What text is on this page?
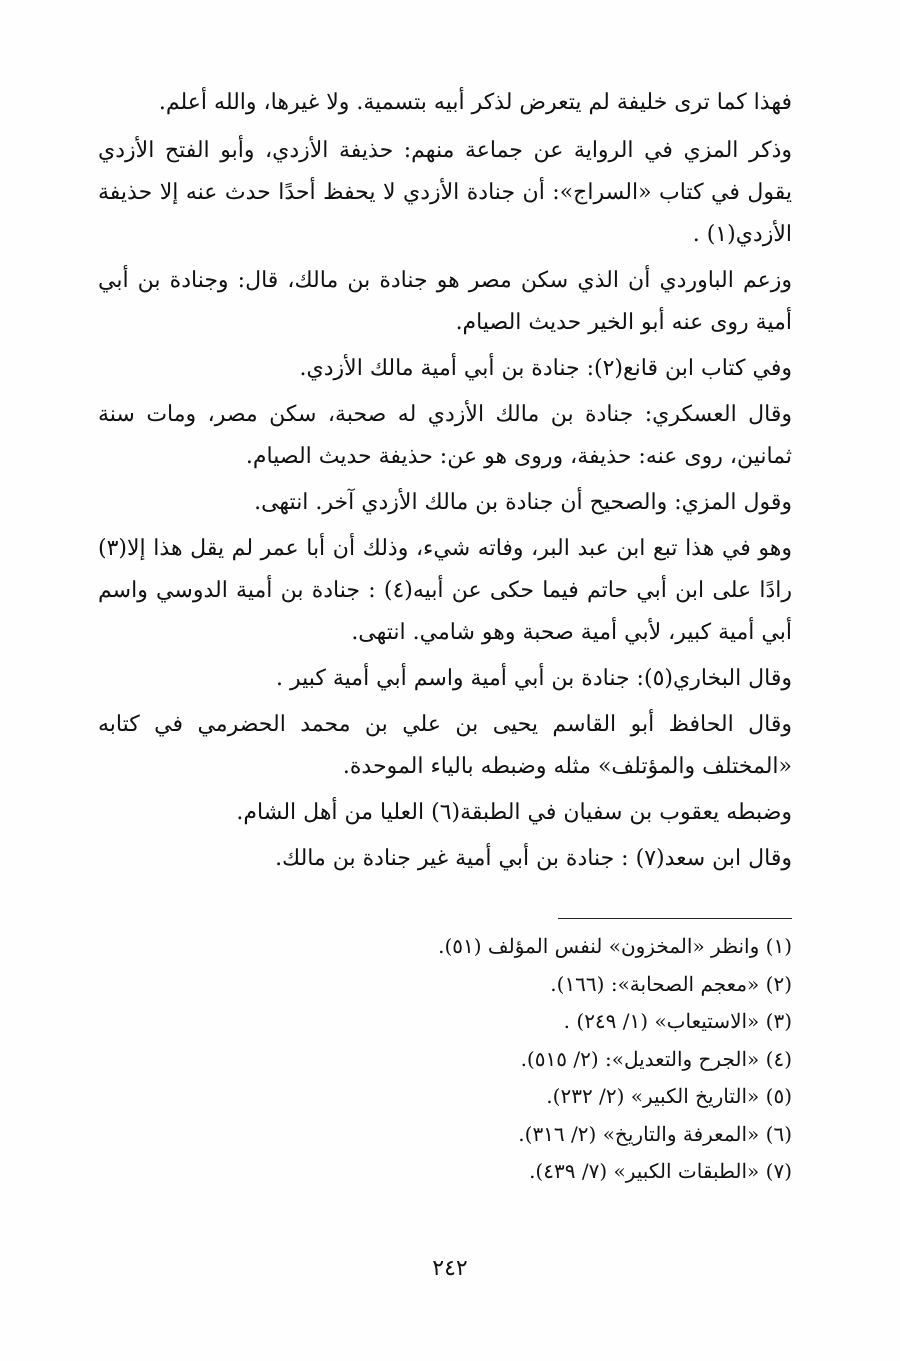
فهذا كما ترى خليفة لم يتعرض لذكر أبيه بتسمية. ولا غيرها، والله أعلم.

وذكر المزي في الرواية عن جماعة منهم: حذيفة الأزدي، وأبو الفتح الأزدي يقول في كتاب «السراج»: أن جنادة الأزدي لا يحفظ أحدًا حدث عنه إلا حذيفة الأزدي(١) .

وزعم الباوردي أن الذي سكن مصر هو جنادة بن مالك، قال: وجنادة بن أبي أمية روى عنه أبو الخير حديث الصيام.

وفي كتاب ابن قانع(٢): جنادة بن أبي أمية مالك الأزدي.

وقال العسكري: جنادة بن مالك الأزدي له صحبة، سكن مصر، ومات سنة ثمانين، روى عنه: حذيفة، وروى هو عن: حذيفة حديث الصيام.

وقول المزي: والصحيح أن جنادة بن مالك الأزدي آخر. انتهى.

وهو في هذا تبع ابن عبد البر، وفاته شيء، وذلك أن أبا عمر لم يقل هذا إلا(٣) رادًا على ابن أبي حاتم فيما حكى عن أبيه(٤) : جنادة بن أمية الدوسي واسم أبي أمية كبير، لأبي أمية صحبة وهو شامي. انتهى.

وقال البخاري(٥): جنادة بن أبي أمية واسم أبي أمية كبير .

وقال الحافظ أبو القاسم يحيى بن علي بن محمد الحضرمي في كتابه «المختلف والمؤتلف» مثله وضبطه بالياء الموحدة.

وضبطه يعقوب بن سفيان في الطبقة(٦) العليا من أهل الشام.

وقال ابن سعد(٧) : جنادة بن أبي أمية غير جنادة بن مالك.

(١) وانظر «المخزون» لنفس المؤلف (٥١).

(٢) «معجم الصحابة»: (١٦٦).

(٣) «الاستيعاب» (١/ ٢٤٩) .

(٤) «الجرح والتعديل»: (٢/ ٥١٥).

(٥) «التاريخ الكبير» (٢/ ٢٣٢).

(٦) «المعرفة والتاريخ» (٢/ ٣١٦).

(٧) «الطبقات الكبير» (٧/ ٤٣٩).

٢٤٢
